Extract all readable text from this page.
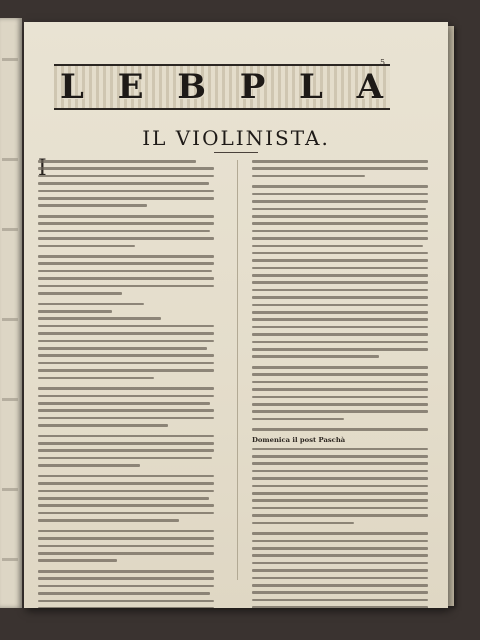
L E B P L A
5
IL VIOLINISTA.
Domenica il post Paschà
